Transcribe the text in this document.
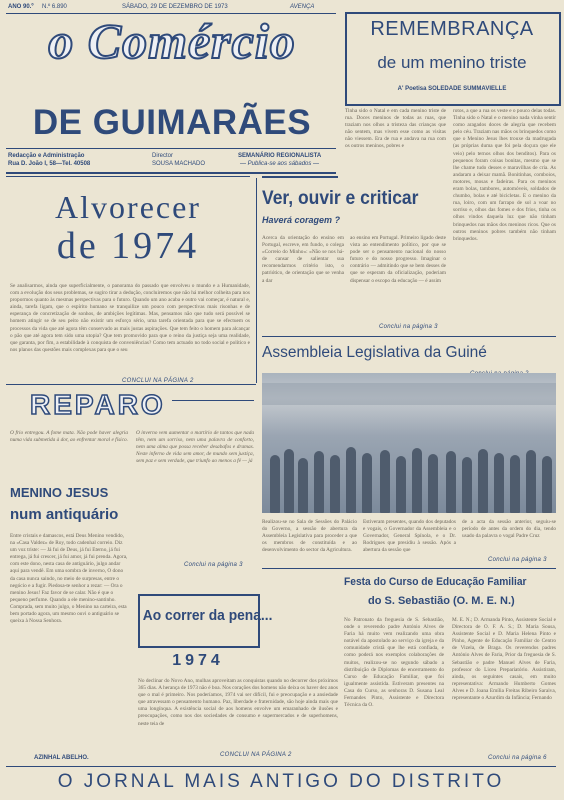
ANO 90.º N.º 6.890	SÁBADO, 29 DE DEZEMBRO DE 1973	AVENÇA
o Comércio
DE GUIMARÃES
Redacção e Administração
Rua D. João I, 58—Tel. 40508
Director
SOUSA MACHADO
SEMANÁRIO REGIONALISTA
— Publica-se aos sábados —
REMEMBRANÇA
de um menino triste
A' Poetisa SOLEDADE SUMMAVIELLE
Tinha sido o Natal e em cada menino triste de rua. Doces meninos de todas as ruas, que traziam nos olhos a tristeza das crianças que não sentem, mas vivem esse como as visitas não viessem. Era de rua e andava na rua com os outros meninos, pobres e
rotos, a que a rua os veste e o pouco delas todas. Tinha sido o Natal e o menino nada vinha sentir como aragados doces de alegria que recebem pelo céu. Traziam nas mãos os brinquedos como que o Menino Jesus lhes trouxe da madrugada (as próprias duma que foi pela doçura que ele veio) pelo ternos olhos dos benditos). Para os pequenos foram coisas bonitas, mesmo que se lhe chame tudo desses e maravilhas de cria. As andaram a deixar mamã. Bonitinhas, comboios, motores, mosas e fadeiras. Para os meninos eram bolas, tambores, automóveis, soldados de chumbo, bolas e até bicicletas. E o menino da rua, loiro, com um farrapo de sol a voar no sorriso e, olhos das fomes e dos frios, tinha os olhos vindos daquela luz que não tinham brinquedos nas mãos dos meninos ricos. Que os outros meninos pobres também não tinham brinquedos.
Alvorecer
de 1974
Se analisarmos, ainda que superficialmente, o panorama do passado que envolveu o mundo e a Humanidade, com a evolução dos seus problemas, se sugiro tirar a dedução, concluiremos que não há melhor colheita para nos propormos quanto às mesmas perspectivas para o futuro. Quando um ano acaba e outro vai começar, é natural e, ainda, tarefa ligam, que o espírito humano se tranquilize um pouco com perspectivas mais risonhas e de esperança de concretização de sonhos, de ambições legítimas. Mas, pensamos não que tudo será possível se homem atingir se de seu peito não existir um esforço sério, uma tarefa orientada para que se efectuem os processos da vida que até agora têm conservado as mais justas aspirações. Que tem feito o homem para alcançar o pão que até agora tem sido uma utopia? Que tem promovido para que o reino da justiça seja uma realidade, que garanta, por fim, a estabilidade à conquista de conveniências? Como tem actuado no todo social e político e nos planos das questões mais complexas para que o seu
CONCLUI NA PÁGINA 2
Ver, ouvir e criticar
Haverá coragem ?
Acerca da orientação do ensino em Portugal, escreve, em fundo, o colega «Correio do Minho»: «Não se nos há-de cansar de salientar sua recomendarmos critério isto, o patriótico, de orientação que se venha a dar
ao ensino em Portugal. Primeiro ligado deste vista ao entendimento político, por que se pode ser o pensamento nacional do nosso futuro e do nosso progresso. Imaginar o contrário — admitindo que se bem desses de que se esperam da oficialização, poderiam dispensar o escopo da educação — é assim
Conclui na página 3
Assembleia Legislativa da Guiné
Realizou-se no Sala de Sessões do Palácio do Governo, a sessão de abertura da Assembleia Legislativa para proceder a que os membros de constituída e ao desenvolvimento do sector da Agricultura.
Estiveram presentes, quando dos deputados e vogais, o Governador da Assembleia e o Governador, General Spínola, e o Dr. Rodrigues que presidiu à sessão. Após a abertura da sessão que
de a acta da sessão anterior, seguiu-se período de antes da ordem do dia, tendo usado da palavra o vogal Padre Cruz
Conclui na página 3
REPARO
O frio entregou. A fome mata. Não pode haver alegria numa vida submetida à dor, ao enfrentar moral e físico.
O inverno vem aumentar o martírio de tantos que nada têm, nem um sorriso, nem uma palavra de conforto, nem uma alma que possa receber desabafos e dramas. Neste inferno de vida sem amor, de mundo sem justiça, sem paz e sem verdade, que triunfo ao menos a fé — já
Conclui na página 3
MENINO JESUS
num antiquário
Entre cristais e damascos, está Deus Menino vendido, na «Casa Valdez» de Roy, todo cadenhal correio. Diz um voz triste: — Já fui de Deus, já fui Eterno, já fui entrega, já fui crescer, já fui amor, já fui prenda. Agora, com este dono, nesta casa de antiguário, julgo andar aqui para vendê. Em uma sombra de inverno, O dono da casa nunca saindo, no meio de surpresas, entre o negócio e a fugir. Piedosa-te senhor a rezar: — Ora o menino Jesus! Faz favor de se calar. Não é que o pequeno perfume. Quando a ele menino-santinho. Comprada, sem muito julgo, o Menino na carteira, esta bem portado agora, um mesmo ouvi o antiguário se queixa à Nossa Senhora.
AZINHAL ABELHO.
Ao correr da pena...
1974
No declinar do Novo Ano, mulhas aproveitam as conquistas quando no decorrer dos próximos 365 dias. A herança de 1973 não é boa. Nos corações dos homens não deixa os haver dez anos que o mal é primeiro. Nos poderíamos, 1974 vai ser difícil, fui e preocupação e a ansiedade que atravessam o pensamento humano. Paz, liberdade e fraternidade, são hoje ainda mais que uma longínqua. A existência social de aos homens envolve um emaranhado de ilusões e preocupações, como nos dos sociedades de consumo e supermercados e de superhomens, neste teia de
CONCLUI NA PÁGINA 2
Festa do Curso de Educação Familiar
do S. Sebastião (O. M. E. N.)
No Patronato da freguesia de S. Sebastião, onde o reverendo padre António Alves de Faria há muito vem realizando uma obra notável da apostolado ao serviço da igreja e da comunidade cristã que lhe está confiada, e como poderá nos exemplos colaborações de muitos, realizou-se no segundo sábado a distribuição de Diplomas de encerramento do Curso de Educação Familiar, que foi igualmente assistida. Estiveram presentes na Casa do Curso, as senhoras D. Susana Leal Fernandes Pinto, Assistente e Directora Técnica da O.
M. E. N.; D. Armanda Pinto, Assistente Social e Directora de O. F. A. S.; D. Maria Sousa, Assistente Social e D. Maria Helena Pinto e Pinho, Agente de Educação Familiar do Centro de Vizela, de Braga. Os reverendos padres António Alves de Faria, Prior da freguesia de S. Sebastião e padre Manuel Alves de Faria, professor do Liceu Prepariatório. Assistiram, ainda, os seguintes casais, em muito representativa: Armando Humberto Gomes Alves e D. Joana Emília Freitas Ribeiro Saraiva, representante o Azurdim da Infância; Fernando
Conclui na página 6
O JORNAL MAIS ANTIGO DO DISTRITO
